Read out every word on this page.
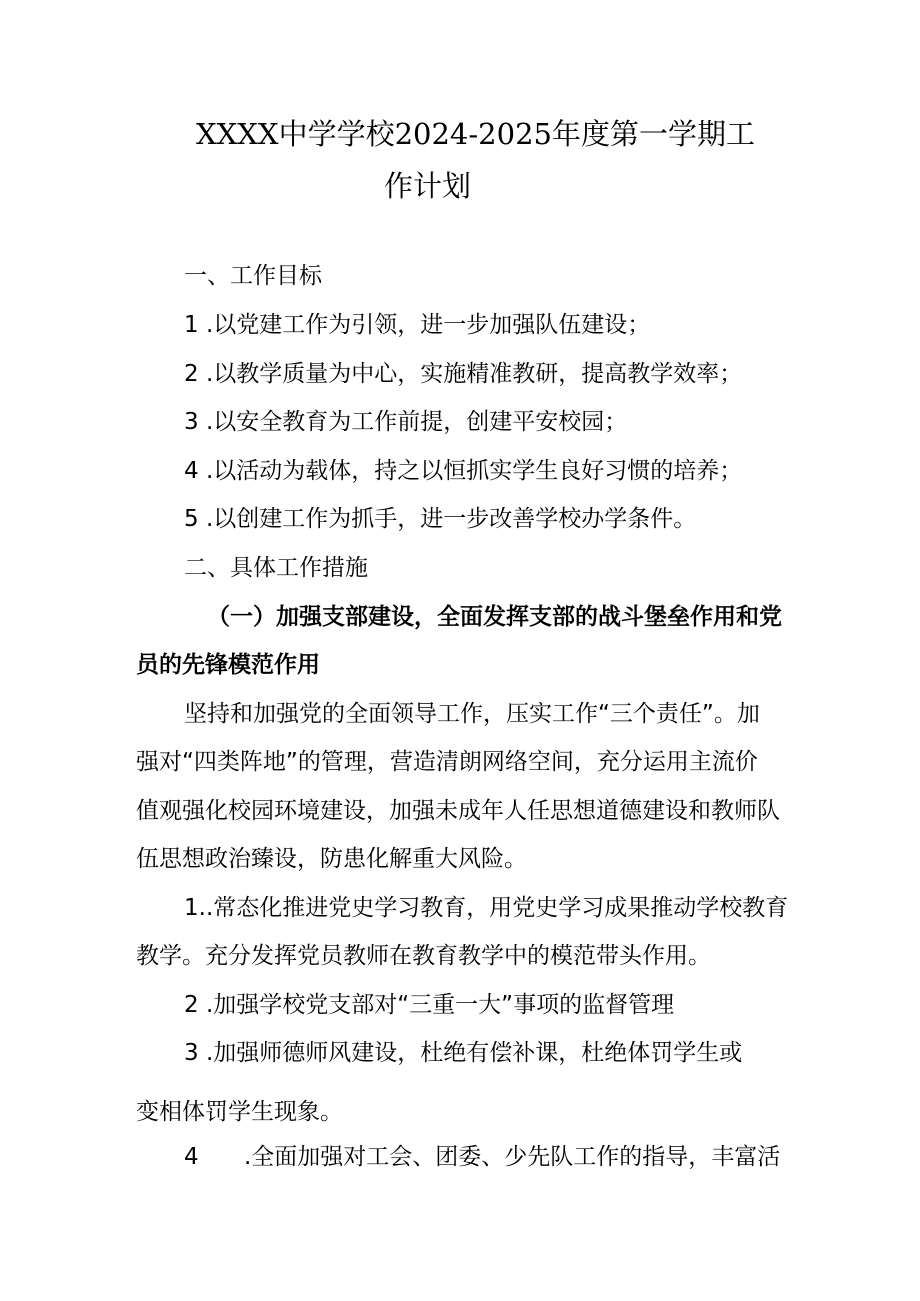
XXXX中学学校2024-2025年度第一学期工
作计划
一、工作目标
1 .以党建工作为引领，进一步加强队伍建设；
2 .以教学质量为中心，实施精准教研，提高教学效率；
3 .以安全教育为工作前提，创建平安校园；
4 .以活动为载体，持之以恒抓实学生良好习惯的培养；
5 .以创建工作为抓手，进一步改善学校办学条件。
二、具体工作措施
（一）加强支部建设，全面发挥支部的战斗堡垒作用和党
员的先锋模范作用
坚持和加强党的全面领导工作，压实工作“三个责任”。加
强对“四类阵地”的管理，营造清朗网络空间，充分运用主流价
值观强化校园环境建设，加强未成年人任思想道德建设和教师队
伍思想政治臻设，防患化解重大风险。
1..常态化推进党史学习教育，用党史学习成果推动学校教育
教学。充分发挥党员教师在教育教学中的模范带头作用。
2 .加强学校党支部对“三重一大”事项的监督管理
3 .加强师德师风建设，杜绝有偿补课，杜绝体罚学生或
变相体罚学生现象。
4 .全面加强对工会、团委、少先队工作的指导，丰富活
